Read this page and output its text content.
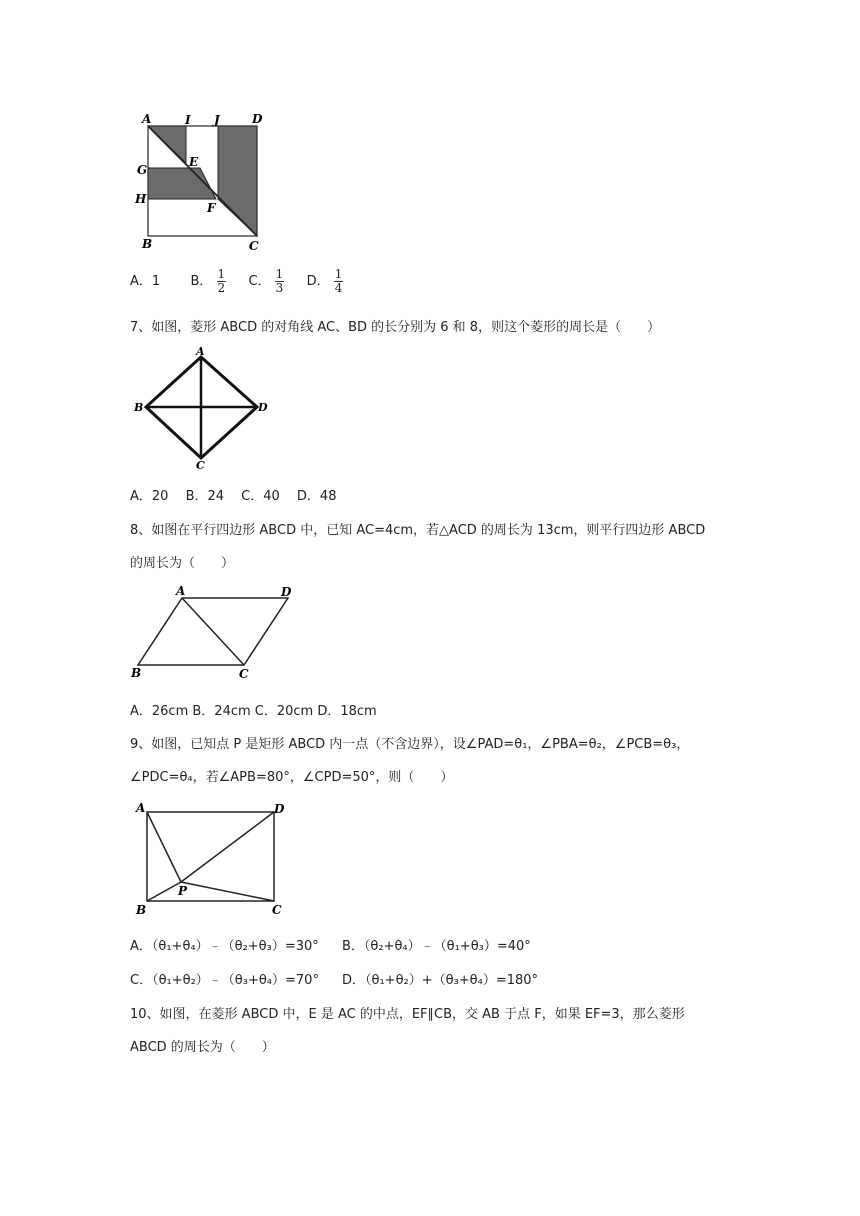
A	I J	D
G
E
H
F
B	C
A．1 B． $\frac{1}{2}$ C． $\frac{1}{3}$ D． $\frac{1}{4}$
7、如图，菱形 ABCD 的对角线 AC、BD 的长分别为 6 和 8，则这个菱形的周长是（　　）
A
B	D
C
A．20　 B．24　 C．40　 D．48
8、如图在平行四边形 ABCD 中，已知 AC=4cm，若△ACD 的周长为 13cm，则平行四边形 ABCD
的周长为（　　）
A	D
B	C
A．26cm B．24cm C．20cm D．18cm
9、如图，已知点 P 是矩形 ABCD 内一点（不含边界），设∠PAD=θ₁，∠PBA=θ₂，∠PCB=θ₃，
∠PDC=θ₄，若∠APB=80°，∠CPD=50°，则（　　）
A	D
P
B	C
A．（θ₁+θ₄）﹣（θ₂+θ₃）=30° B．（θ₂+θ₄）﹣（θ₁+θ₃）=40°
C．（θ₁+θ₂）﹣（θ₃+θ₄）=70° D．（θ₁+θ₂）+（θ₃+θ₄）=180°
10、如图，在菱形 ABCD 中，E 是 AC 的中点，EF∥CB，交 AB 于点 F，如果 EF=3，那么菱形
ABCD 的周长为（　　）
